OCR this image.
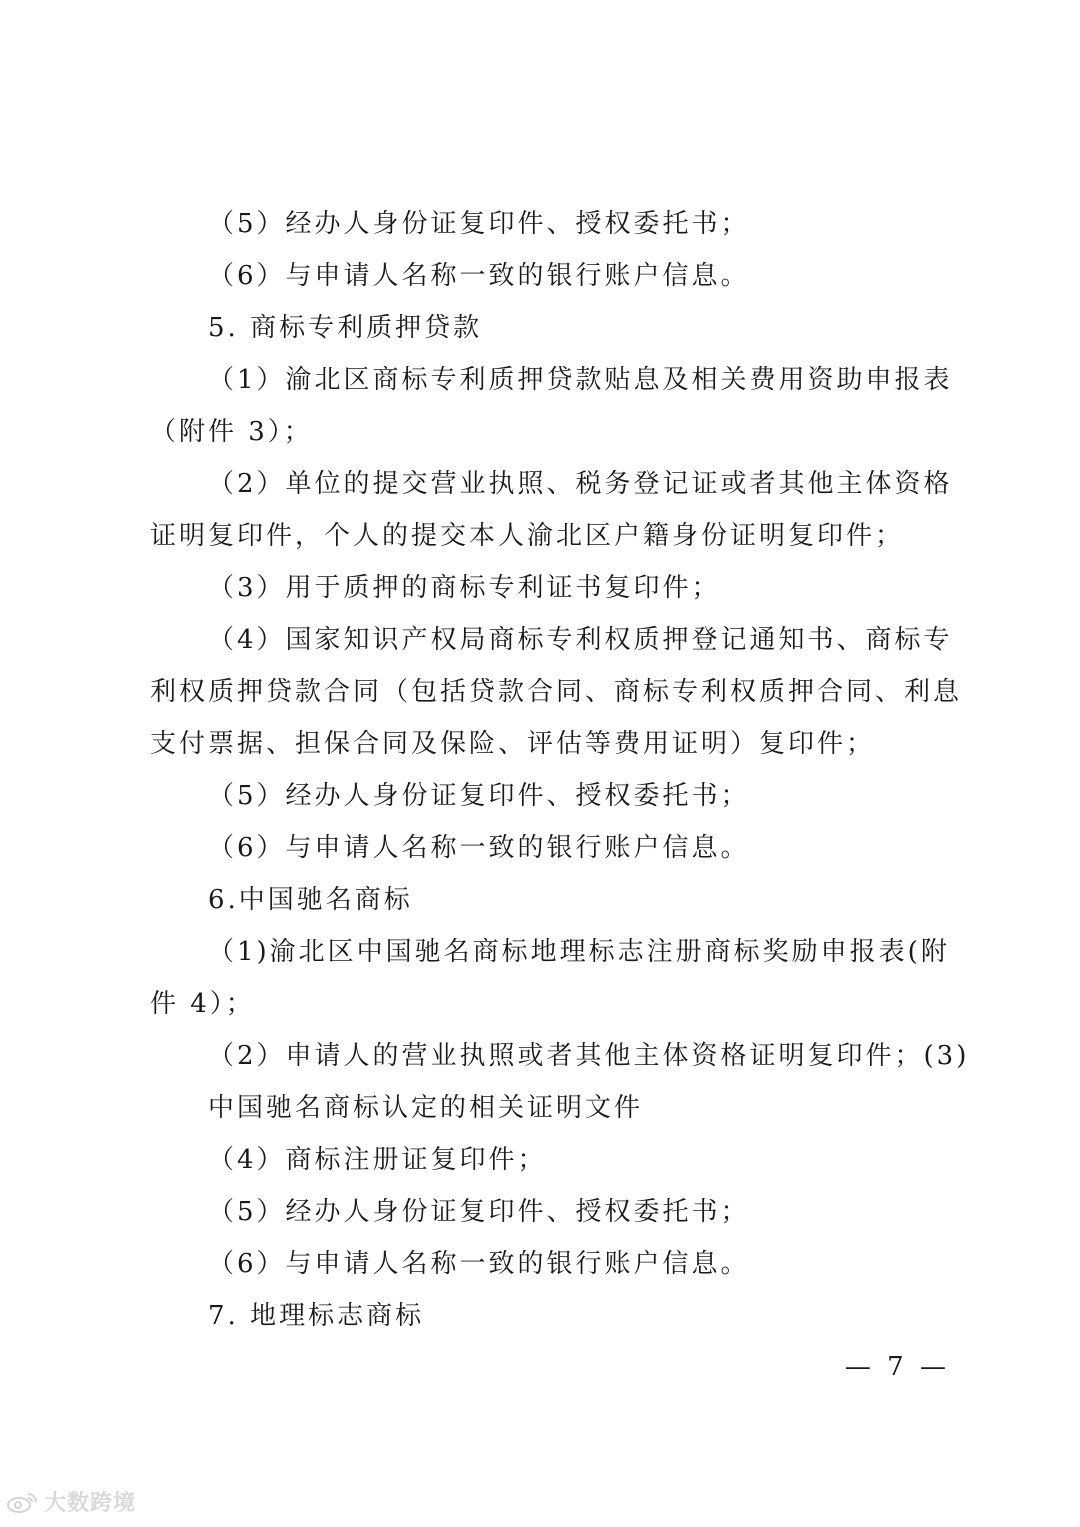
（5）经办人身份证复印件、授权委托书；
（6）与申请人名称一致的银行账户信息。
5. 商标专利质押贷款
（1）渝北区商标专利质押贷款贴息及相关费用资助申报表
（附件 3）；
（2）单位的提交营业执照、税务登记证或者其他主体资格
证明复印件，个人的提交本人渝北区户籍身份证明复印件；
（3）用于质押的商标专利证书复印件；
（4）国家知识产权局商标专利权质押登记通知书、商标专
利权质押贷款合同（包括贷款合同、商标专利权质押合同、利息
支付票据、担保合同及保险、评估等费用证明）复印件；
（5）经办人身份证复印件、授权委托书；
（6）与申请人名称一致的银行账户信息。
6.中国驰名商标
（1)渝北区中国驰名商标地理标志注册商标奖励申报表(附
件 4）；
（2）申请人的营业执照或者其他主体资格证明复印件；(3)
中国驰名商标认定的相关证明文件
（4）商标注册证复印件；
（5）经办人身份证复印件、授权委托书；
（6）与申请人名称一致的银行账户信息。
7. 地理标志商标
— 7 —
大数跨境
